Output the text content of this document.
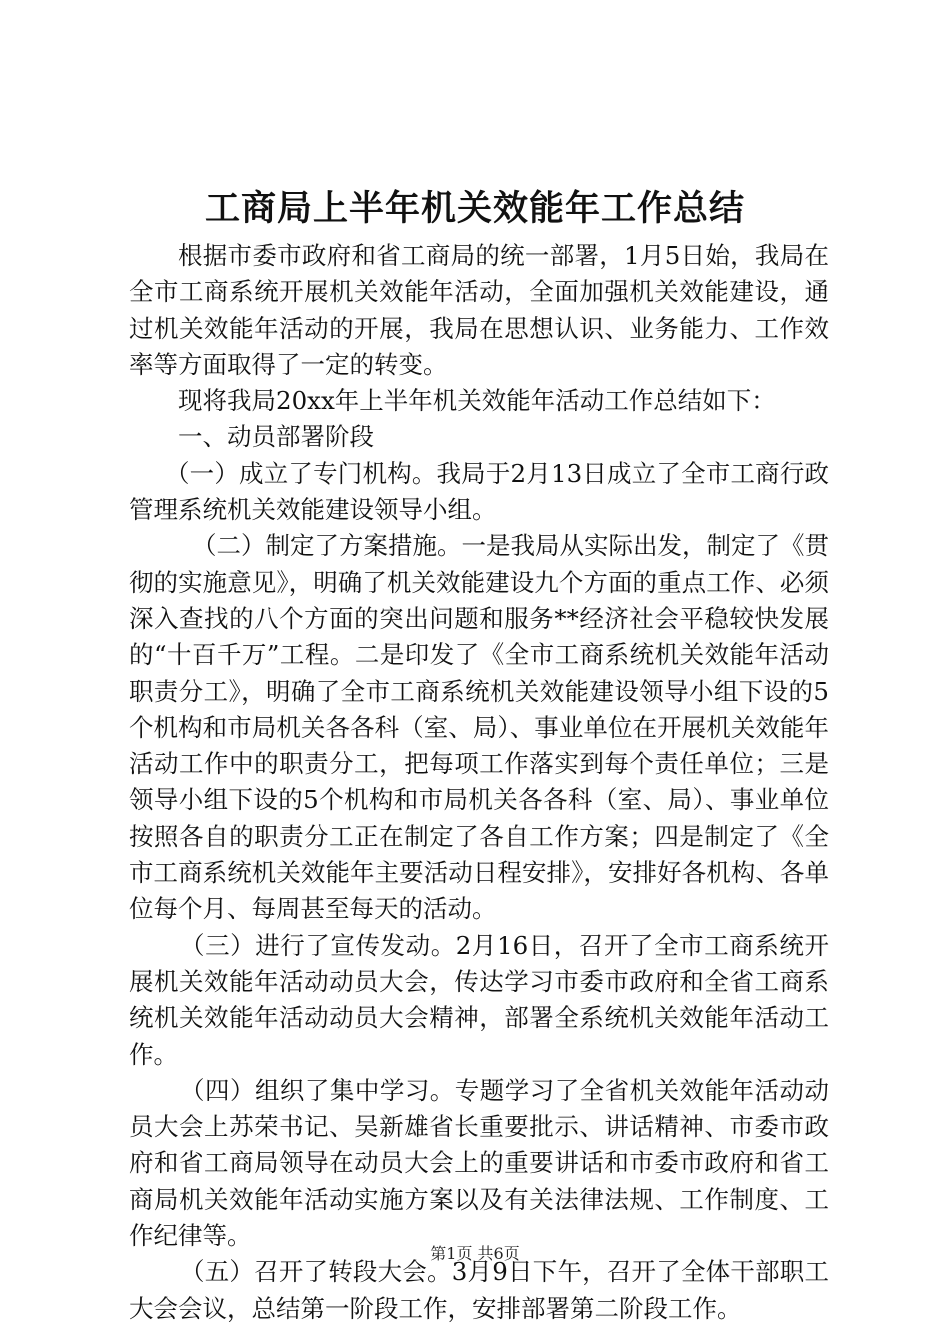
工商局上半年机关效能年工作总结

根据市委市政府和省工商局的统一部署，1月5日始，我局在全市工商系统开展机关效能年活动，全面加强机关效能建设，通过机关效能年活动的开展，我局在思想认识、业务能力、工作效率等方面取得了一定的转变。

现将我局20xx年上半年机关效能年活动工作总结如下：

一、动员部署阶段

（一）成立了专门机构。我局于2月13日成立了全市工商行政管理系统机关效能建设领导小组。

（二）制定了方案措施。一是我局从实际出发，制定了《贯彻的实施意见》，明确了机关效能建设九个方面的重点工作、必须深入查找的八个方面的突出问题和服务**经济社会平稳较快发展的“十百千万”工程。二是印发了《全市工商系统机关效能年活动职责分工》，明确了全市工商系统机关效能建设领导小组下设的5个机构和市局机关各各科（室、局）、事业单位在开展机关效能年活动工作中的职责分工，把每项工作落实到每个责任单位；三是领导小组下设的5个机构和市局机关各各科（室、局）、事业单位按照各自的职责分工正在制定了各自工作方案；四是制定了《全市工商系统机关效能年主要活动日程安排》，安排好各机构、各单位每个月、每周甚至每天的活动。

（三）进行了宣传发动。2月16日，召开了全市工商系统开展机关效能年活动动员大会，传达学习市委市政府和全省工商系统机关效能年活动动员大会精神，部署全系统机关效能年活动工作。

（四）组织了集中学习。专题学习了全省机关效能年活动动员大会上苏荣书记、吴新雄省长重要批示、讲话精神、市委市政府和省工商局领导在动员大会上的重要讲话和市委市政府和省工商局机关效能年活动实施方案以及有关法律法规、工作制度、工作纪律等。

（五）召开了转段大会。3月9日下午，召开了全体干部职工大会会议，总结第一阶段工作，安排部署第二阶段工作。

第1页 共6页
